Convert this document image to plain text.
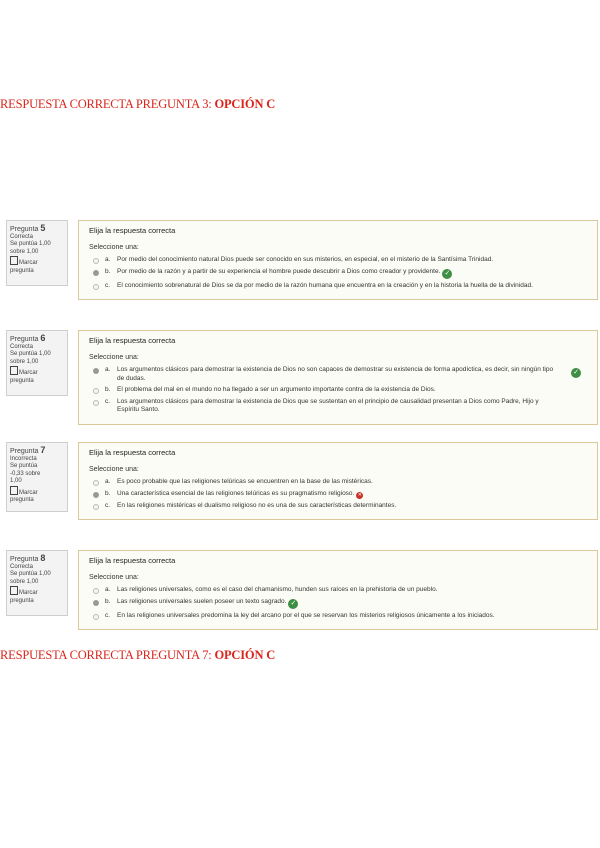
RESPUESTA CORRECTA PREGUNTA 3: OPCIÓN C
Pregunta 5
Correcta
Se puntúa 1,00
sobre 1,00
Marcar
pregunta
Elija la respuesta correcta
Seleccione una:
a. Por medio del conocimiento natural Dios puede ser conocido en sus misterios, en especial, en el misterio de la Santísima Trinidad.
b. Por medio de la razón y a partir de su experiencia el hombre puede descubrir a Dios como creador y providente. ✓
c. El conocimiento sobrenatural de Dios se da por medio de la razón humana que encuentra en la creación y en la historia la huella de la divinidad.
Pregunta 6
Correcta
Se puntúa 1,00
sobre 1,00
Marcar
pregunta
Elija la respuesta correcta
Seleccione una:
a. Los argumentos clásicos para demostrar la existencia de Dios no son capaces de demostrar su existencia de forma apodíctica, es decir, sin ningún tipo de dudas.
✓
b. El problema del mal en el mundo no ha llegado a ser un argumento importante contra de la existencia de Dios.
c. Los argumentos clásicos para demostrar la existencia de Dios que se sustentan en el principio de causalidad presentan a Dios como Padre, Hijo y Espíritu Santo.
Pregunta 7
Incorrecta
Se puntúa
-0,33 sobre
1,00
Marcar
pregunta
Elija la respuesta correcta
Seleccione una:
a. Es poco probable que las religiones telúricas se encuentren en la base de las mistéricas.
b. Una característica esencial de las religiones telúricas es su pragmatismo religioso. ✕
c. En las religiones mistéricas el dualismo religioso no es una de sus características determinantes.
Pregunta 8
Correcta
Se puntúa 1,00
sobre 1,00
Marcar
pregunta
Elija la respuesta correcta
Seleccione una:
a. Las religiones universales, como es el caso del chamanismo, hunden sus raíces en la prehistoria de un pueblo.
b. Las religiones universales suelen poseer un texto sagrado. ✓
c. En las religiones universales predomina la ley del arcano por el que se reservan los misterios religiosos únicamente a los iniciados.
RESPUESTA CORRECTA PREGUNTA 7: OPCIÓN C
